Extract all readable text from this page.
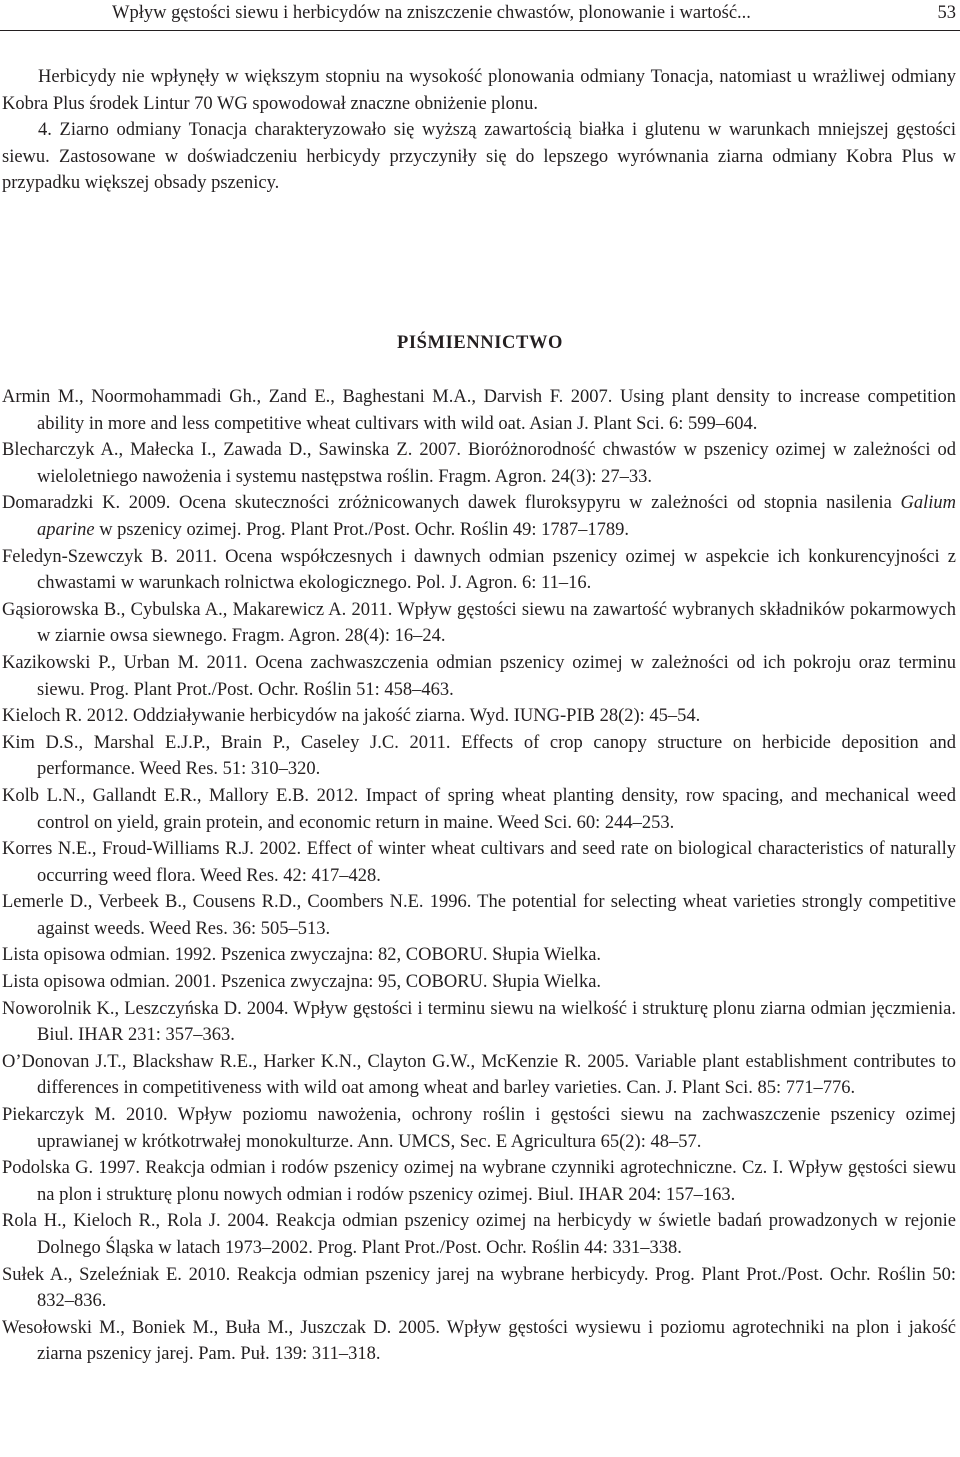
Wpływ gęstości siewu i herbicydów na zniszczenie chwastów, plonowanie i wartość...	53

Herbicydy nie wpłynęły w większym stopniu na wysokość plonowania odmiany Tonacja, natomiast u wrażliwej odmiany Kobra Plus środek Lintur 70 WG spowodował znaczne obniżenie plonu.

4. Ziarno odmiany Tonacja charakteryzowało się wyższą zawartością białka i glutenu w warunkach mniejszej gęstości siewu. Zastosowane w doświadczeniu herbicydy przyczyniły się do lepszego wyrównania ziarna odmiany Kobra Plus w przypadku większej obsady pszenicy.

PIŚMIENNICTWO

Armin M., Noormohammadi Gh., Zand E., Baghestani M.A., Darvish F. 2007. Using plant density to increase competition ability in more and less competitive wheat cultivars with wild oat. Asian J. Plant Sci. 6: 599–604.

Blecharczyk A., Małecka I., Zawada D., Sawinska Z. 2007. Bioróżnorodność chwastów w pszenicy ozimej w zależności od wieloletniego nawożenia i systemu następstwa roślin. Fragm. Agron. 24(3): 27–33.

Domaradzki K. 2009. Ocena skuteczności zróżnicowanych dawek fluroksypyru w zależności od stopnia nasilenia Galium aparine w pszenicy ozimej. Prog. Plant Prot./Post. Ochr. Roślin 49: 1787–1789.

Feledyn-Szewczyk B. 2011. Ocena współczesnych i dawnych odmian pszenicy ozimej w aspekcie ich konkurencyjności z chwastami w warunkach rolnictwa ekologicznego. Pol. J. Agron. 6: 11–16.

Gąsiorowska B., Cybulska A., Makarewicz A. 2011. Wpływ gęstości siewu na zawartość wybranych składników pokarmowych w ziarnie owsa siewnego. Fragm. Agron. 28(4): 16–24.

Kazikowski P., Urban M. 2011. Ocena zachwaszczenia odmian pszenicy ozimej w zależności od ich pokroju oraz terminu siewu. Prog. Plant Prot./Post. Ochr. Roślin 51: 458–463.

Kieloch R. 2012. Oddziaływanie herbicydów na jakość ziarna. Wyd. IUNG-PIB 28(2): 45–54.

Kim D.S., Marshal E.J.P., Brain P., Caseley J.C. 2011. Effects of crop canopy structure on herbicide deposition and performance. Weed Res. 51: 310–320.

Kolb L.N., Gallandt E.R., Mallory E.B. 2012. Impact of spring wheat planting density, row spacing, and mechanical weed control on yield, grain protein, and economic return in maine. Weed Sci. 60: 244–253.

Korres N.E., Froud-Williams R.J. 2002. Effect of winter wheat cultivars and seed rate on biological characteristics of naturally occurring weed flora. Weed Res. 42: 417–428.

Lemerle D., Verbeek B., Cousens R.D., Coombers N.E. 1996. The potential for selecting wheat varieties strongly competitive against weeds. Weed Res. 36: 505–513.

Lista opisowa odmian. 1992. Pszenica zwyczajna: 82, COBORU. Słupia Wielka.

Lista opisowa odmian. 2001. Pszenica zwyczajna: 95, COBORU. Słupia Wielka.

Noworolnik K., Leszczyńska D. 2004. Wpływ gęstości i terminu siewu na wielkość i strukturę plonu ziarna odmian jęczmienia. Biul. IHAR 231: 357–363.

O’Donovan J.T., Blackshaw R.E., Harker K.N., Clayton G.W., McKenzie R. 2005. Variable plant establishment contributes to differences in competitiveness with wild oat among wheat and barley varieties. Can. J. Plant Sci. 85: 771–776.

Piekarczyk M. 2010. Wpływ poziomu nawożenia, ochrony roślin i gęstości siewu na zachwaszczenie pszenicy ozimej uprawianej w krótkotrwałej monokulturze. Ann. UMCS, Sec. E Agricultura 65(2): 48–57.

Podolska G. 1997. Reakcja odmian i rodów pszenicy ozimej na wybrane czynniki agrotechniczne. Cz. I. Wpływ gęstości siewu na plon i strukturę plonu nowych odmian i rodów pszenicy ozimej. Biul. IHAR 204: 157–163.

Rola H., Kieloch R., Rola J. 2004. Reakcja odmian pszenicy ozimej na herbicydy w świetle badań prowadzonych w rejonie Dolnego Śląska w latach 1973–2002. Prog. Plant Prot./Post. Ochr. Roślin 44: 331–338.

Sułek A., Szeleźniak E. 2010. Reakcja odmian pszenicy jarej na wybrane herbicydy. Prog. Plant Prot./Post. Ochr. Roślin 50: 832–836.

Wesołowski M., Boniek M., Buła M., Juszczak D. 2005. Wpływ gęstości wysiewu i poziomu agrotechniki na plon i jakość ziarna pszenicy jarej. Pam. Puł. 139: 311–318.
